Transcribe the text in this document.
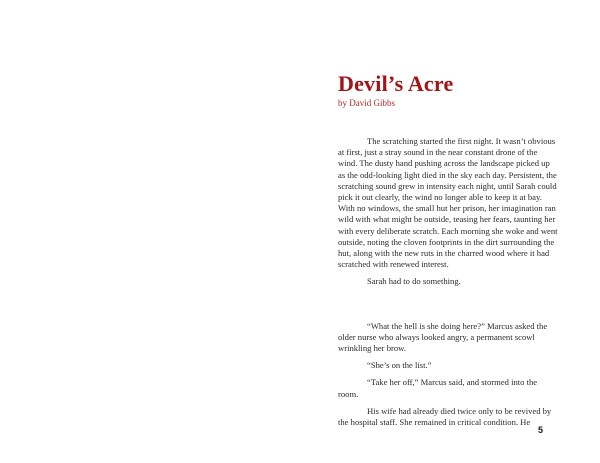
Devil’s Acre
by David Gibbs

The scratching started the first night. It wasn’t obvious at first, just a stray sound in the near constant drone of the wind. The dusty hand pushing across the landscape picked up as the odd-looking light died in the sky each day. Persistent, the scratching sound grew in intensity each night, until Sarah could pick it out clearly, the wind no longer able to keep it at bay. With no windows, the small hut her prison, her imagination ran wild with what might be outside, teasing her fears, taunting her with every deliberate scratch. Each morning she woke and went outside, noting the cloven footprints in the dirt surrounding the hut, along with the new ruts in the charred wood where it had scratched with renewed interest.

Sarah had to do something.

“What the hell is she doing here?” Marcus asked the older nurse who always looked angry, a permanent scowl wrinkling her brow.

“She’s on the list.”

“Take her off,” Marcus said, and stormed into the room.

His wife had already died twice only to be revived by the hospital staff. She remained in critical condition. He

5
